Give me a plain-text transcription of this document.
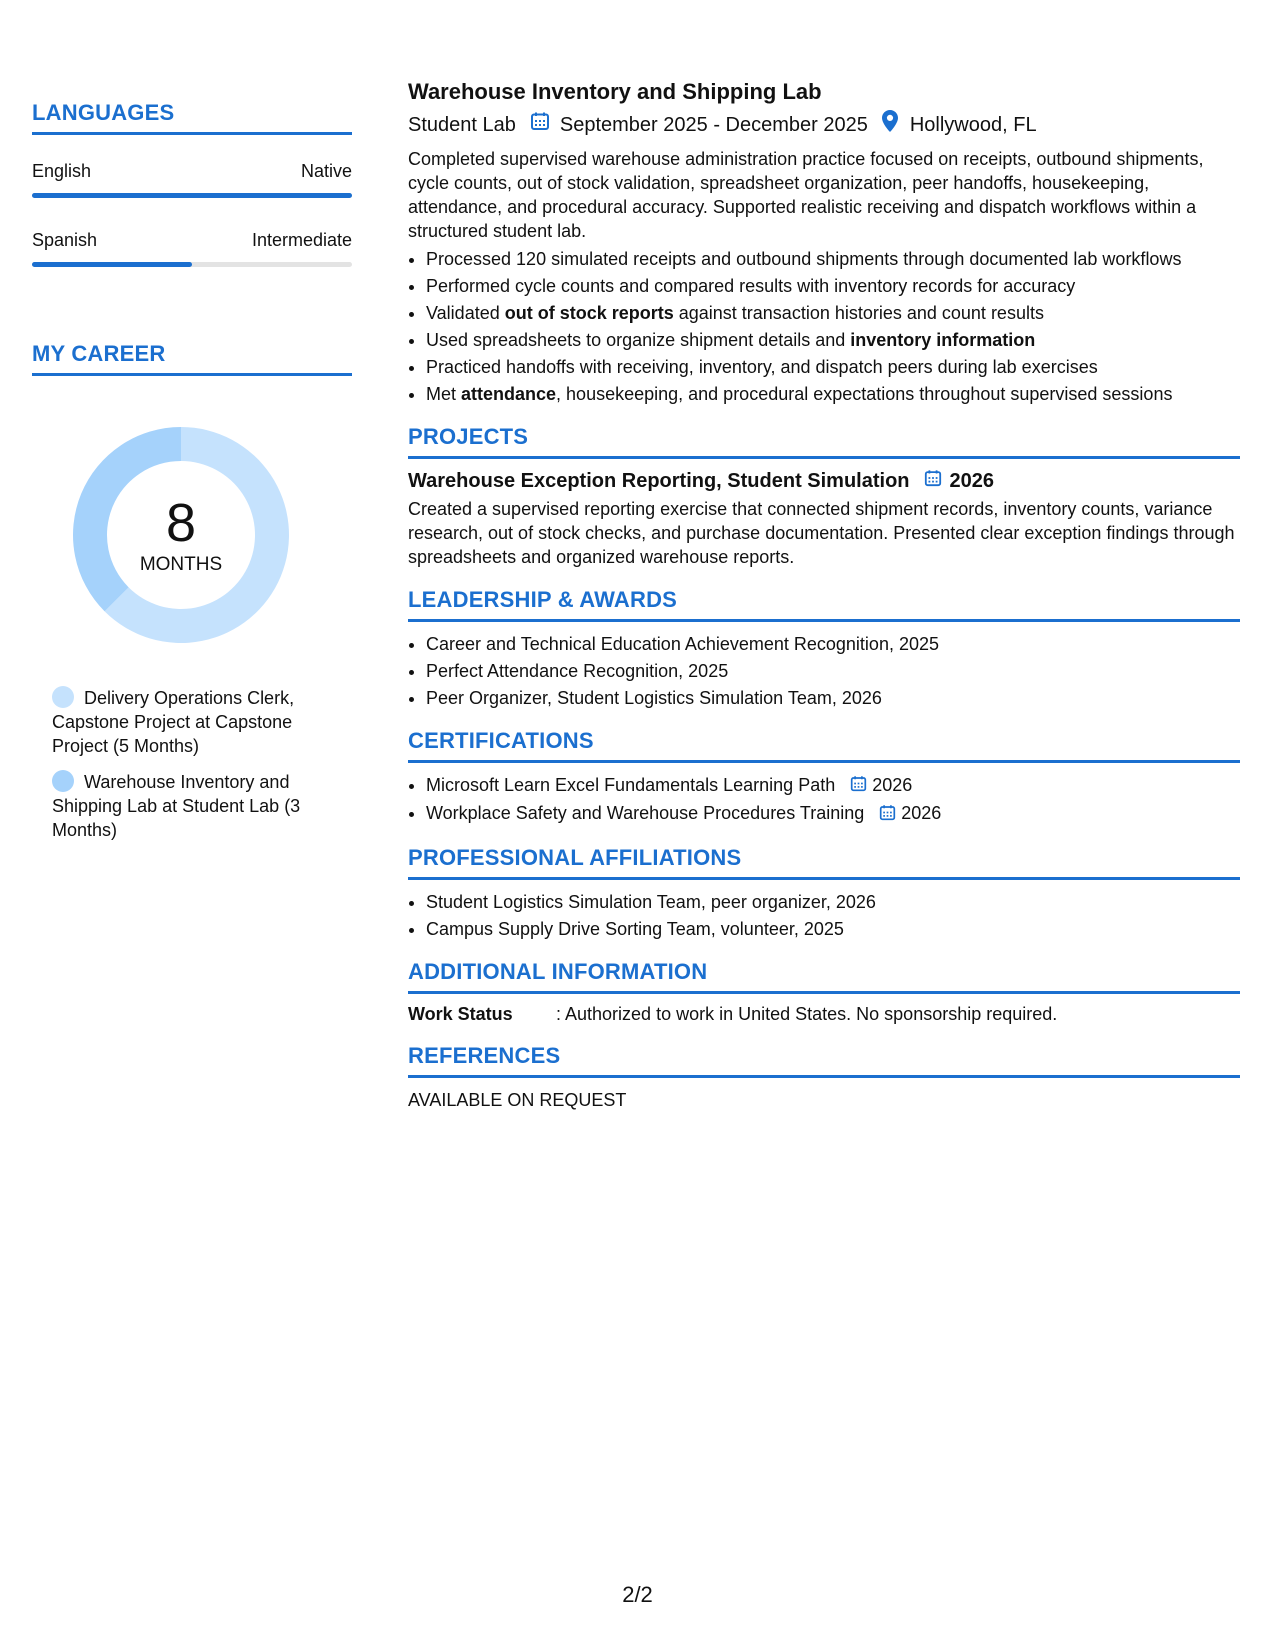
LANGUAGES
English	Native
Spanish	Intermediate
MY CAREER
8
MONTHS
Delivery Operations Clerk, Capstone Project at Capstone Project (5 Months)
Warehouse Inventory and Shipping Lab at Student Lab (3 Months)
Warehouse Inventory and Shipping Lab
Student Lab September 2025 - December 2025 Hollywood, FL
Completed supervised warehouse administration practice focused on receipts, outbound shipments, cycle counts, out of stock validation, spreadsheet organization, peer handoffs, housekeeping, attendance, and procedural accuracy. Supported realistic receiving and dispatch workflows within a structured student lab.
• Processed 120 simulated receipts and outbound shipments through documented lab workflows
• Performed cycle counts and compared results with inventory records for accuracy
• Validated out of stock reports against transaction histories and count results
• Used spreadsheets to organize shipment details and inventory information
• Practiced handoffs with receiving, inventory, and dispatch peers during lab exercises
• Met attendance, housekeeping, and procedural expectations throughout supervised sessions
PROJECTS
Warehouse Exception Reporting, Student Simulation 2026
Created a supervised reporting exercise that connected shipment records, inventory counts, variance research, out of stock checks, and purchase documentation. Presented clear exception findings through spreadsheets and organized warehouse reports.
LEADERSHIP & AWARDS
• Career and Technical Education Achievement Recognition, 2025
• Perfect Attendance Recognition, 2025
• Peer Organizer, Student Logistics Simulation Team, 2026
CERTIFICATIONS
• Microsoft Learn Excel Fundamentals Learning Path 2026
• Workplace Safety and Warehouse Procedures Training 2026
PROFESSIONAL AFFILIATIONS
• Student Logistics Simulation Team, peer organizer, 2026
• Campus Supply Drive Sorting Team, volunteer, 2025
ADDITIONAL INFORMATION
Work Status	: Authorized to work in United States. No sponsorship required.
REFERENCES
AVAILABLE ON REQUEST
2/2
